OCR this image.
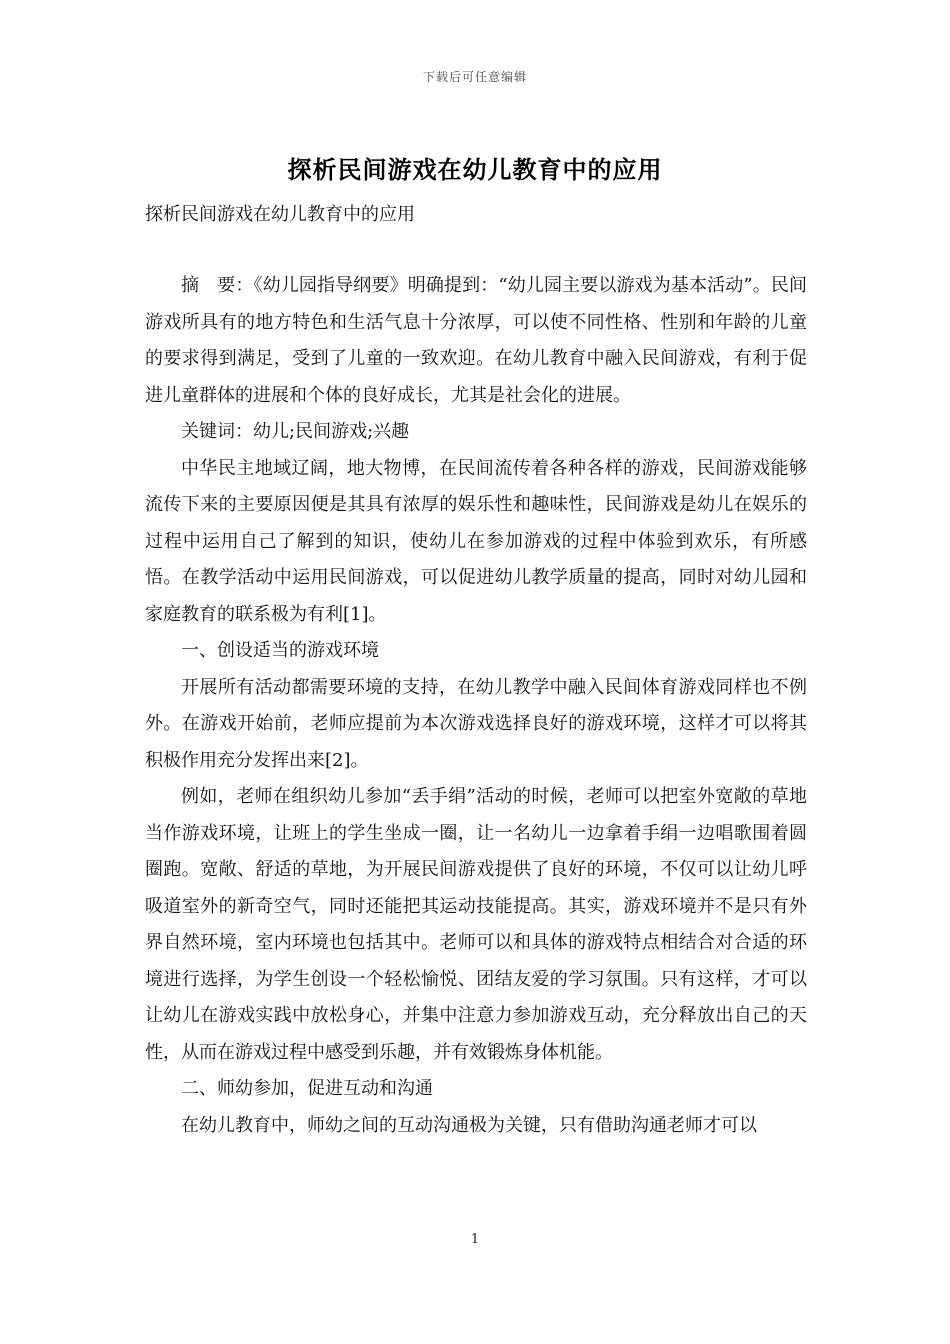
下载后可任意编辑
探析民间游戏在幼儿教育中的应用
探析民间游戏在幼儿教育中的应用

摘　要：《幼儿园指导纲要》明确提到：“幼儿园主要以游戏为基本活动”。民间游戏所具有的地方特色和生活气息十分浓厚，可以使不同性格、性别和年龄的儿童的要求得到满足，受到了儿童的一致欢迎。在幼儿教育中融入民间游戏，有利于促进儿童群体的进展和个体的良好成长，尤其是社会化的进展。

关键词：幼儿;民间游戏;兴趣

中华民主地域辽阔，地大物博，在民间流传着各种各样的游戏，民间游戏能够流传下来的主要原因便是其具有浓厚的娱乐性和趣味性，民间游戏是幼儿在娱乐的过程中运用自己了解到的知识，使幼儿在参加游戏的过程中体验到欢乐，有所感悟。在教学活动中运用民间游戏，可以促进幼儿教学质量的提高，同时对幼儿园和家庭教育的联系极为有利[1]。

一、创设适当的游戏环境

开展所有活动都需要环境的支持，在幼儿教学中融入民间体育游戏同样也不例外。在游戏开始前，老师应提前为本次游戏选择良好的游戏环境，这样才可以将其积极作用充分发挥出来[2]。

例如，老师在组织幼儿参加“丢手绢”活动的时候，老师可以把室外宽敞的草地当作游戏环境，让班上的学生坐成一圈，让一名幼儿一边拿着手绢一边唱歌围着圆圈跑。宽敞、舒适的草地，为开展民间游戏提供了良好的环境，不仅可以让幼儿呼吸道室外的新奇空气，同时还能把其运动技能提高。其实，游戏环境并不是只有外界自然环境，室内环境也包括其中。老师可以和具体的游戏特点相结合对合适的环境进行选择，为学生创设一个轻松愉悦、团结友爱的学习氛围。只有这样，才可以让幼儿在游戏实践中放松身心，并集中注意力参加游戏互动，充分释放出自己的天性，从而在游戏过程中感受到乐趣，并有效锻炼身体机能。

二、师幼参加，促进互动和沟通

在幼儿教育中，师幼之间的互动沟通极为关键，只有借助沟通老师才可以

1
